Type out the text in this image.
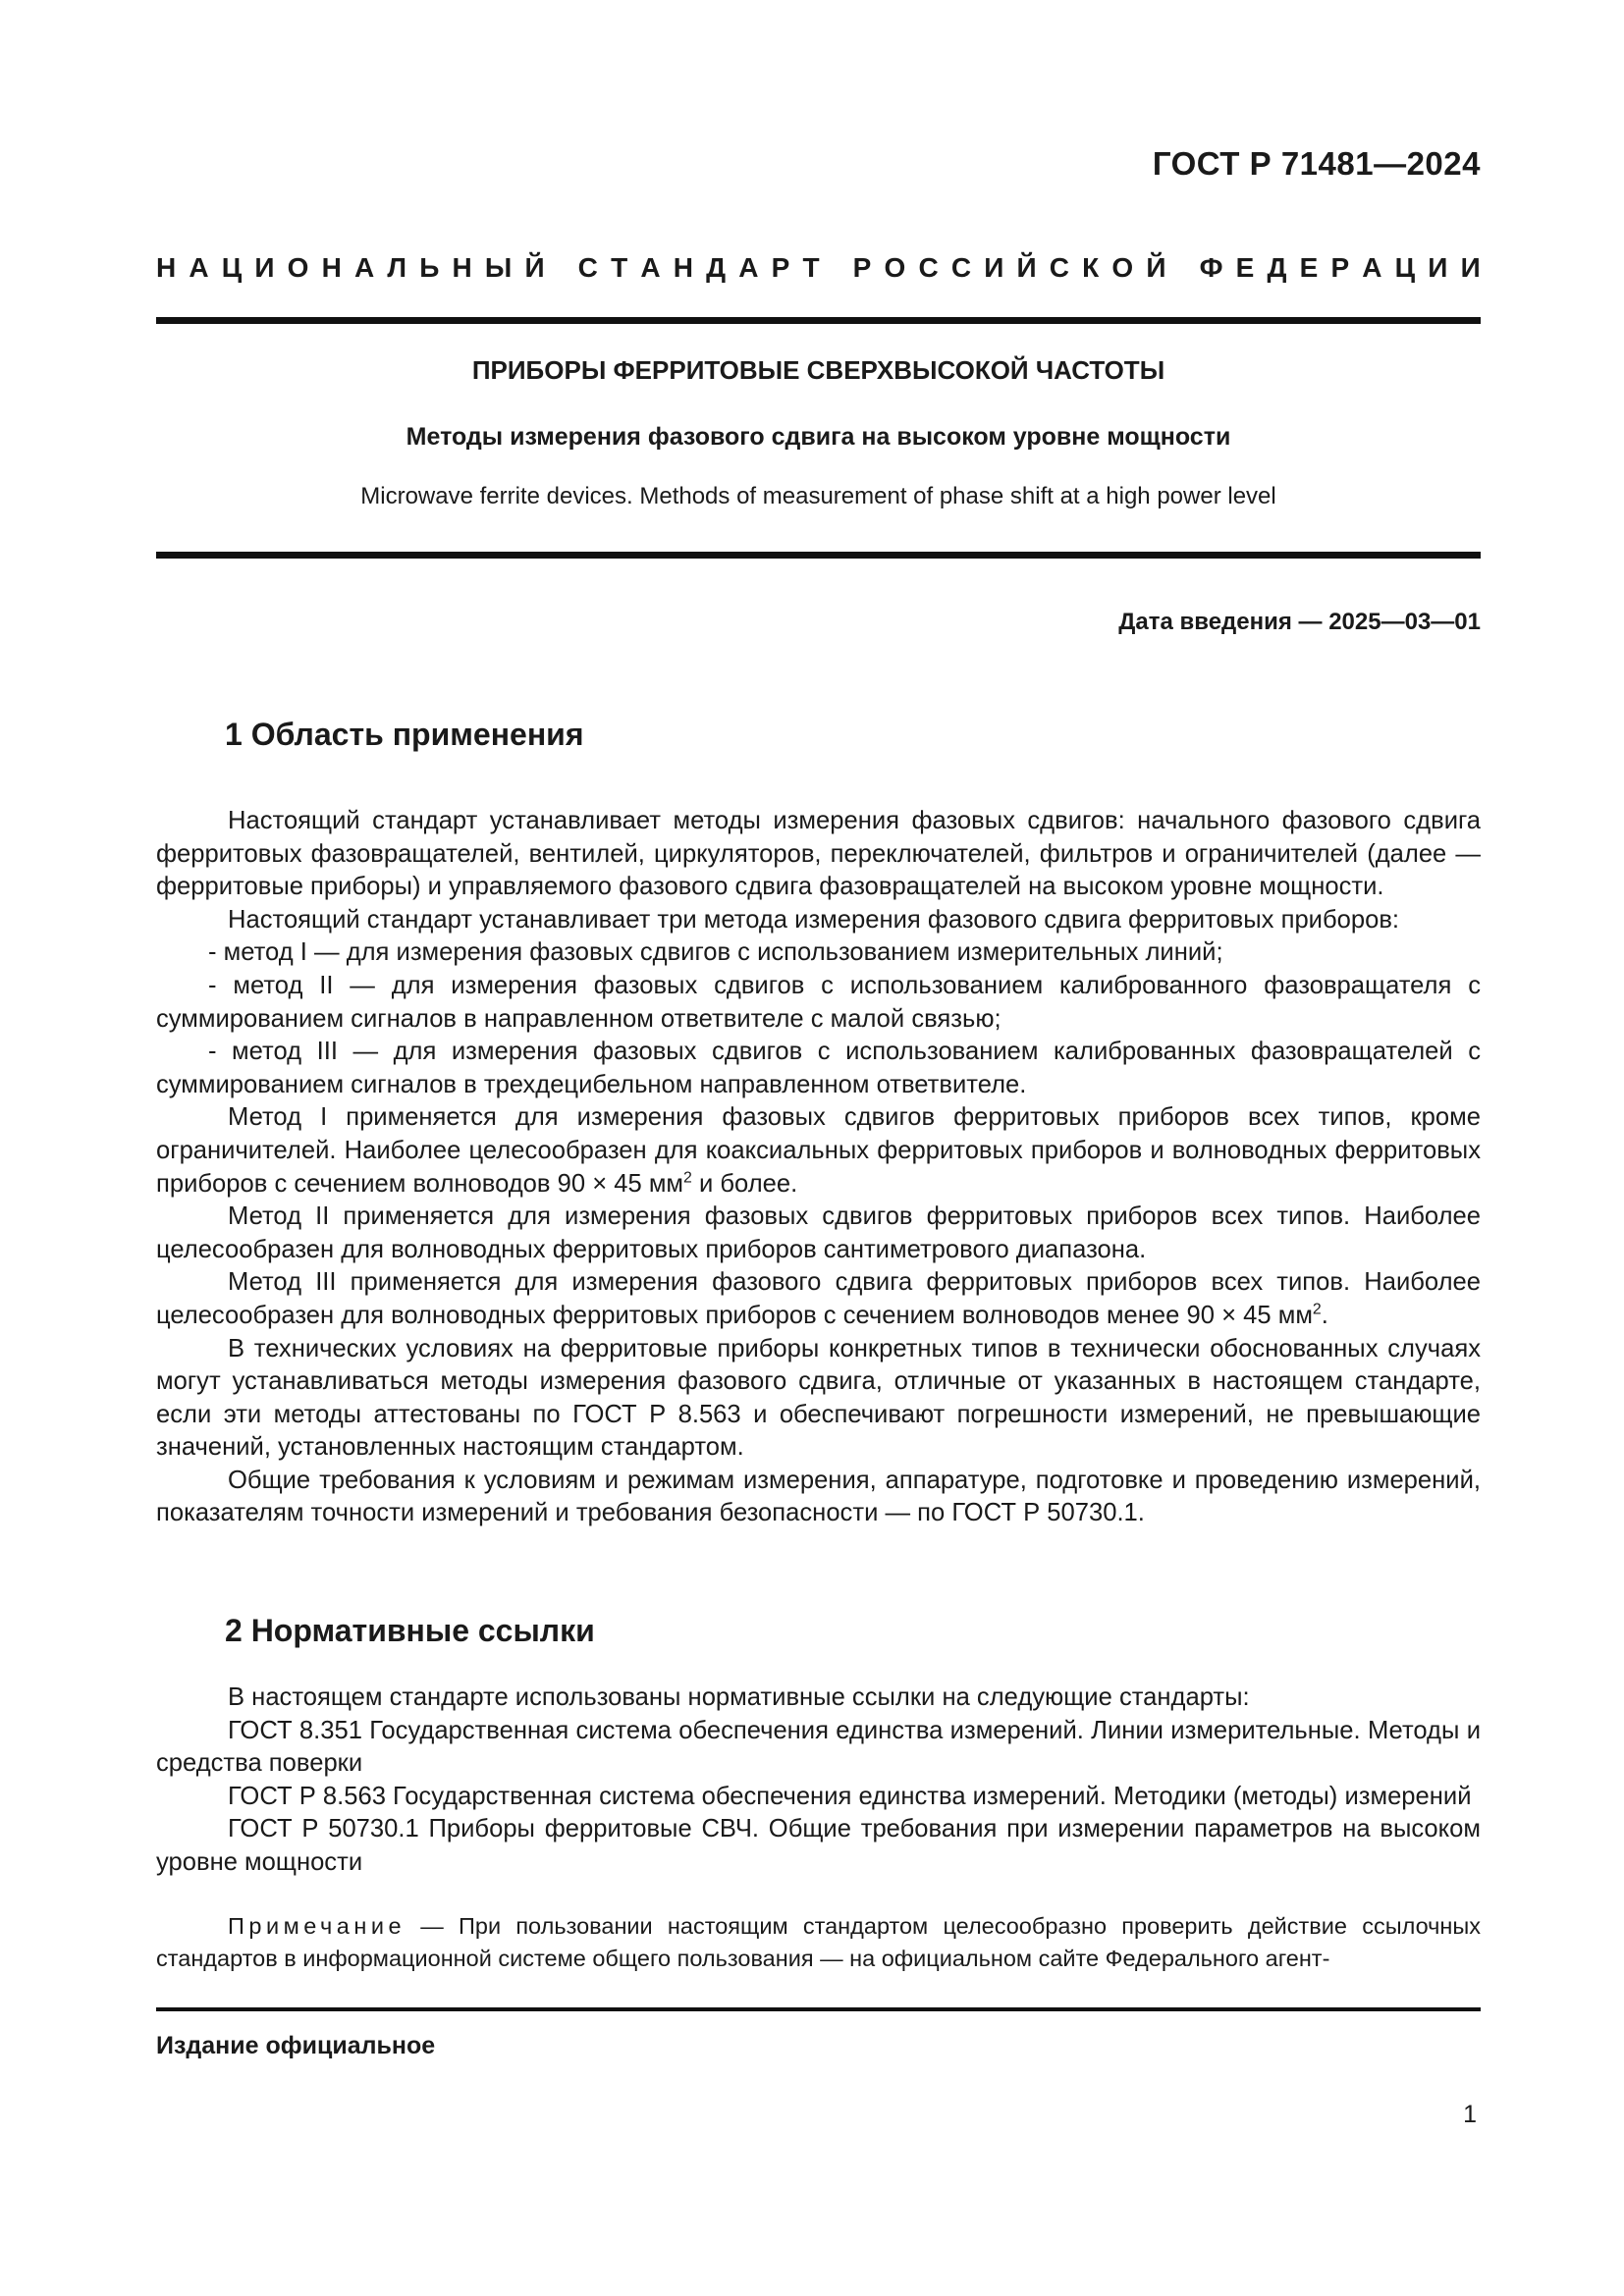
ГОСТ Р 71481—2024
Н А Ц И О Н А Л Ь Н Ы Й
С Т А Н Д А Р Т
Р О С С И Й С К О Й
Ф Е Д Е Р А Ц И И
ПРИБОРЫ ФЕРРИТОВЫЕ СВЕРХВЫСОКОЙ ЧАСТОТЫ
Методы измерения фазового сдвига на высоком уровне мощности
Microwave ferrite devices. Methods of measurement of phase shift at a high power level
Дата введения — 2025—03—01
1 Область применения

Настоящий стандарт устанавливает методы измерения фазовых сдвигов: начального фазового сдвига ферритовых фазовращателей, вентилей, циркуляторов, переключателей, фильтров и ограничителей (далее — ферритовые приборы) и управляемого фазового сдвига фазовращателей на высоком уровне мощности.

Настоящий стандарт устанавливает три метода измерения фазового сдвига ферритовых приборов:

- метод I — для измерения фазовых сдвигов с использованием измерительных линий;

- метод II — для измерения фазовых сдвигов с использованием калиброванного фазовращателя с суммированием сигналов в направленном ответвителе с малой связью;

- метод III — для измерения фазовых сдвигов с использованием калиброванных фазовращателей с суммированием сигналов в трехдецибельном направленном ответвителе.

Метод I применяется для измерения фазовых сдвигов ферритовых приборов всех типов, кроме ограничителей. Наиболее целесообразен для коаксиальных ферритовых приборов и волноводных ферритовых приборов с сечением волноводов 90 × 45 $мм^2$ и более.

Метод II применяется для измерения фазовых сдвигов ферритовых приборов всех типов. Наиболее целесообразен для волноводных ферритовых приборов сантиметрового диапазона.

Метод III применяется для измерения фазового сдвига ферритовых приборов всех типов. Наиболее целесообразен для волноводных ферритовых приборов с сечением волноводов менее 90 × 45 $мм^2$.

В технических условиях на ферритовые приборы конкретных типов в технически обоснованных случаях могут устанавливаться методы измерения фазового сдвига, отличные от указанных в настоящем стандарте, если эти методы аттестованы по ГОСТ Р 8.563 и обеспечивают погрешности измерений, не превышающие значений, установленных настоящим стандартом.

Общие требования к условиям и режимам измерения, аппаратуре, подготовке и проведению измерений, показателям точности измерений и требования безопасности — по ГОСТ Р 50730.1.

2 Нормативные ссылки

В настоящем стандарте использованы нормативные ссылки на следующие стандарты:

ГОСТ 8.351 Государственная система обеспечения единства измерений. Линии измерительные. Методы и средства поверки

ГОСТ Р 8.563 Государственная система обеспечения единства измерений. Методики (методы) измерений

ГОСТ Р 50730.1 Приборы ферритовые СВЧ. Общие требования при измерении параметров на высоком уровне мощности

Примечание — При пользовании настоящим стандартом целесообразно проверить действие ссылочных стандартов в информационной системе общего пользования — на официальном сайте Федерального агент-
Издание официальное
1
